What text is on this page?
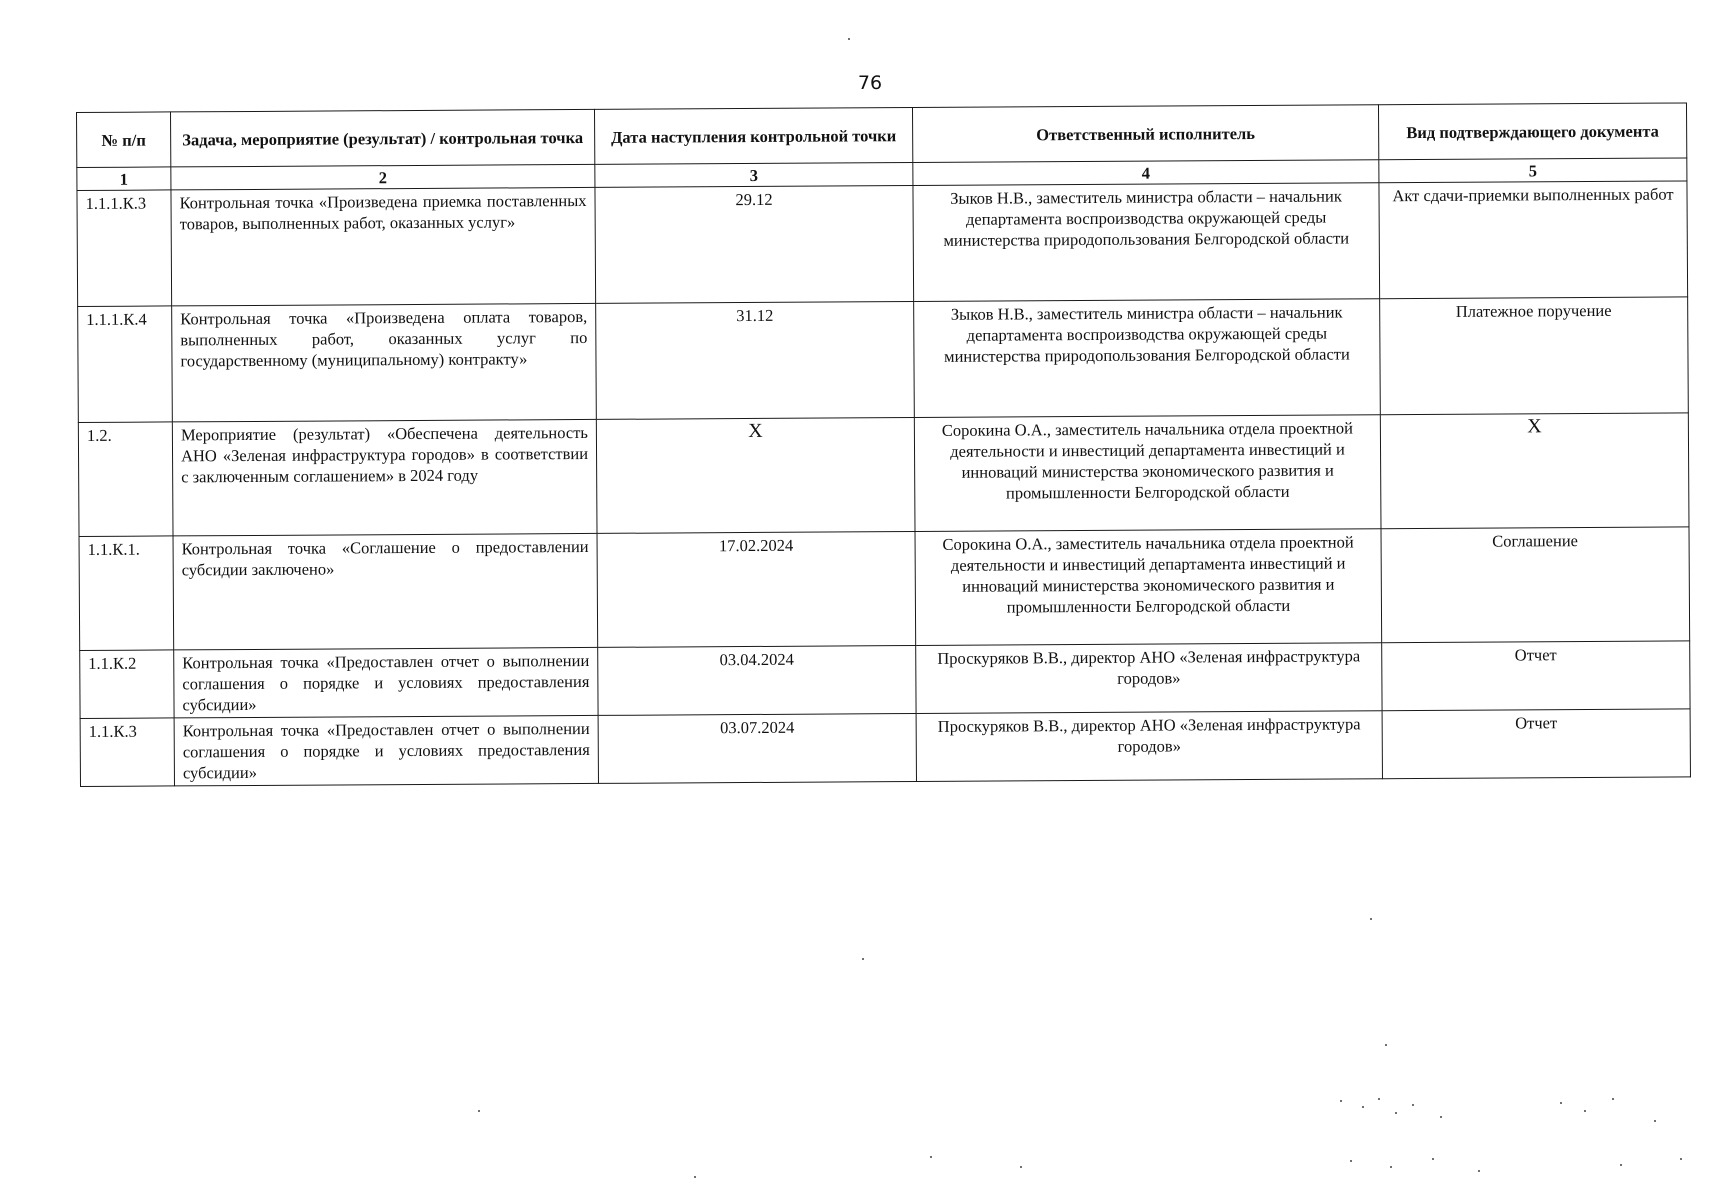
76
№ п/п	Задача, мероприятие (результат) / контрольная точка	Дата наступления контрольной точки	Ответственный исполнитель	Вид подтверждающего документа
1	2	3	4	5
1.1.1.К.3	Контрольная точка «Произведена приемка поставленных товаров, выполненных работ, оказанных услуг»	29.12	Зыков Н.В., заместитель министра области – начальник департамента воспроизводства окружающей среды министерства природопользования Белгородской области	Акт сдачи-приемки выполненных работ
1.1.1.К.4	Контрольная точка «Произведена оплата товаров, выполненных работ, оказанных услуг по государственному (муниципальному) контракту»	31.12	Зыков Н.В., заместитель министра области – начальник департамента воспроизводства окружающей среды министерства природопользования Белгородской области	Платежное поручение
1.2.	Мероприятие (результат) «Обеспечена деятельность АНО «Зеленая инфраструктура городов» в соответствии с заключенным соглашением» в 2024 году	X	Сорокина О.А., заместитель начальника отдела проектной деятельности и инвестиций департамента инвестиций и инноваций министерства экономического развития и промышленности Белгородской области	X
1.1.К.1.	Контрольная точка «Соглашение о предоставлении субсидии заключено»	17.02.2024	Сорокина О.А., заместитель начальника отдела проектной деятельности и инвестиций департамента инвестиций и инноваций министерства экономического развития и промышленности Белгородской области	Соглашение
1.1.К.2	Контрольная точка «Предоставлен отчет о выполнении соглашения о порядке и условиях предоставления субсидии»	03.04.2024	Проскуряков В.В., директор АНО «Зеленая инфраструктура городов»	Отчет
1.1.К.3	Контрольная точка «Предоставлен отчет о выполнении соглашения о порядке и условиях предоставления субсидии»	03.07.2024	Проскуряков В.В., директор АНО «Зеленая инфраструктура городов»	Отчет
